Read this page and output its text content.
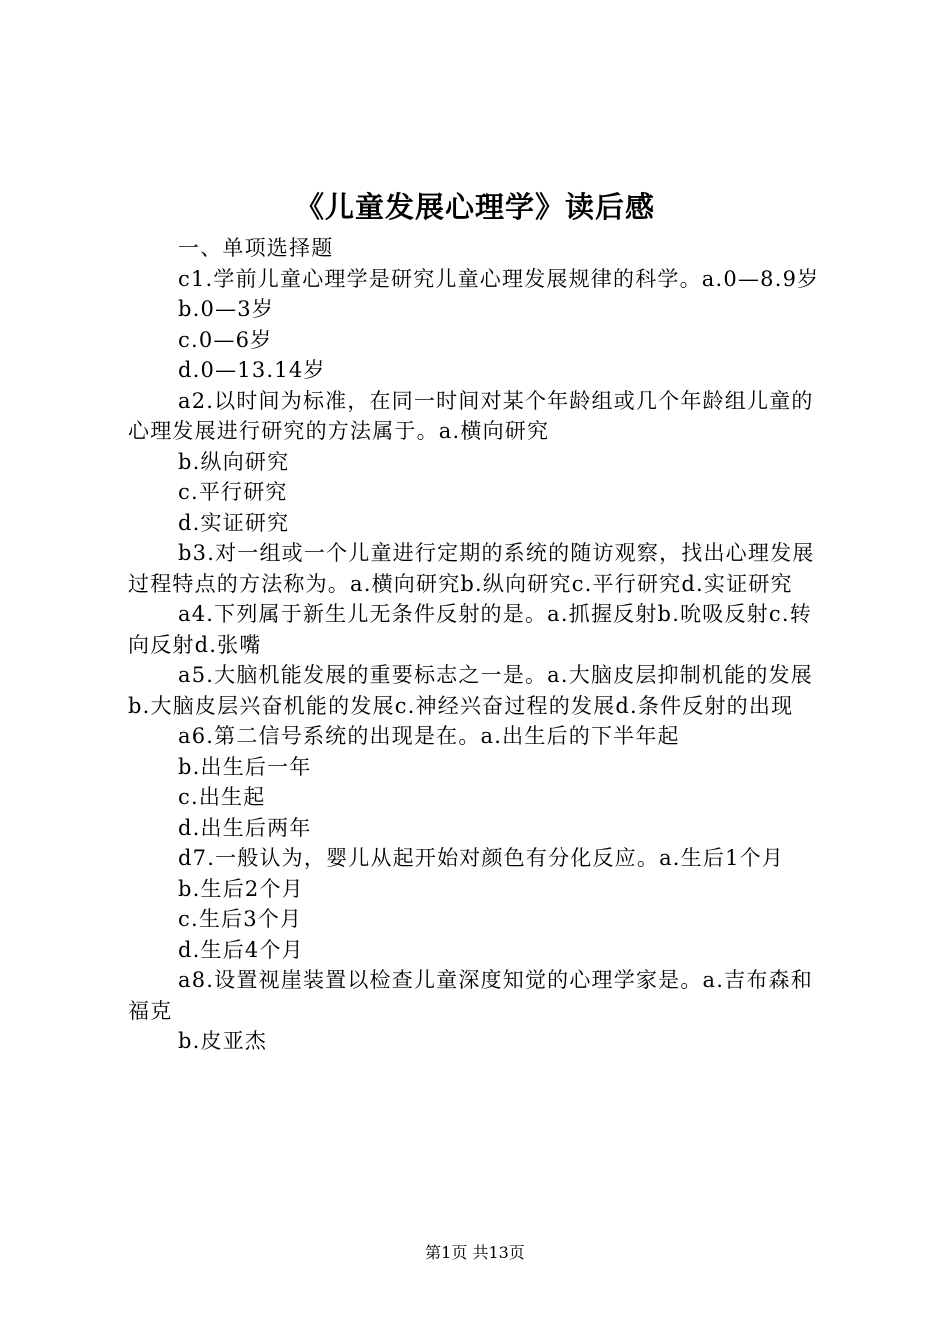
《儿童发展心理学》读后感

一、单项选择题

c1.学前儿童心理学是研究儿童心理发展规律的科学。a.0—8.9岁

b.0—3岁

c.0—6岁

d.0—13.14岁

a2.以时间为标准，在同一时间对某个年龄组或几个年龄组儿童的心理发展进行研究的方法属于。a.横向研究

b.纵向研究

c.平行研究

d.实证研究

b3.对一组或一个儿童进行定期的系统的随访观察，找出心理发展过程特点的方法称为。a.横向研究b.纵向研究c.平行研究d.实证研究

a4.下列属于新生儿无条件反射的是。a.抓握反射b.吮吸反射c.转向反射d.张嘴

a5.大脑机能发展的重要标志之一是。a.大脑皮层抑制机能的发展b.大脑皮层兴奋机能的发展c.神经兴奋过程的发展d.条件反射的出现

a6.第二信号系统的出现是在。a.出生后的下半年起

b.出生后一年

c.出生起

d.出生后两年

d7.一般认为，婴儿从起开始对颜色有分化反应。a.生后1个月

b.生后2个月

c.生后3个月

d.生后4个月

a8.设置视崖装置以检查儿童深度知觉的心理学家是。a.吉布森和福克

b.皮亚杰

第1页 共13页
